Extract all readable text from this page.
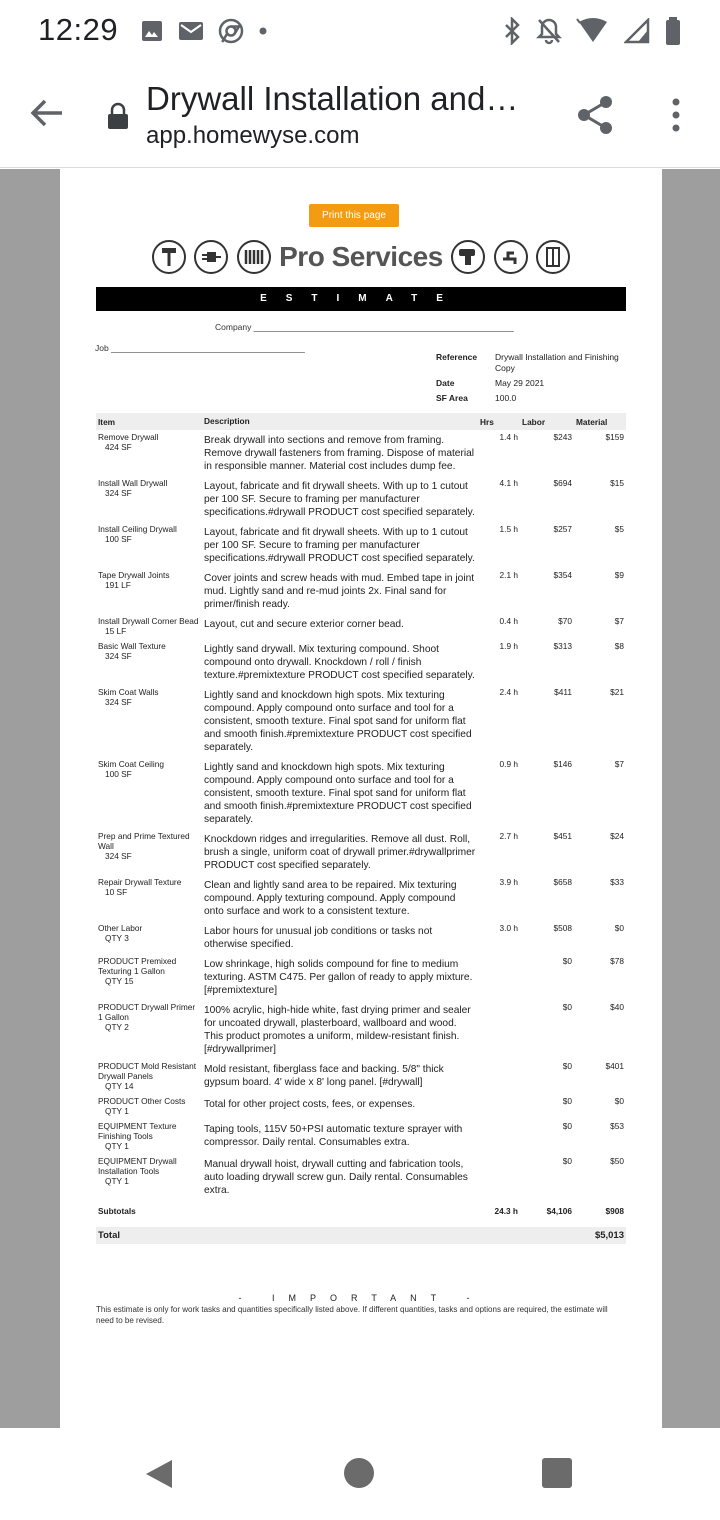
12:29
Drywall Installation and…
app.homewyse.com
Print this page
Pro Services
ESTIMATE
Company _______________________________________________________
Job _________________________________________
Reference	Drywall Installation and Finishing Copy
Date	May 29 2021
SF Area	100.0
Item	Description	Hrs	Labor	Material

Remove Drywall
424 SF	Break drywall into sections and remove from framing. Remove drywall fasteners from framing. Dispose of material in responsible manner. Material cost includes dump fee.	1.4 h	$243	$159

Install Wall Drywall
324 SF	Layout, fabricate and fit drywall sheets. With up to 1 cutout per 100 SF. Secure to framing per manufacturer specifications.#drywall PRODUCT cost specified separately.	4.1 h	$694	$15

Install Ceiling Drywall
100 SF	Layout, fabricate and fit drywall sheets. With up to 1 cutout per 100 SF. Secure to framing per manufacturer specifications.#drywall PRODUCT cost specified separately.	1.5 h	$257	$5

Tape Drywall Joints
191 LF	Cover joints and screw heads with mud. Embed tape in joint mud. Lightly sand and re-mud joints 2x. Final sand for primer/finish ready.	2.1 h	$354	$9

Install Drywall Corner Bead
15 LF	Layout, cut and secure exterior corner bead.	0.4 h	$70	$7

Basic Wall Texture
324 SF	Lightly sand drywall. Mix texturing compound. Shoot compound onto drywall. Knockdown / roll / finish texture.#premixtexture PRODUCT cost specified separately.	1.9 h	$313	$8

Skim Coat Walls
324 SF	Lightly sand and knockdown high spots. Mix texturing compound. Apply compound onto surface and tool for a consistent, smooth texture. Final spot sand for uniform flat and smooth finish.#premixtexture PRODUCT cost specified separately.	2.4 h	$411	$21

Skim Coat Ceiling
100 SF	Lightly sand and knockdown high spots. Mix texturing compound. Apply compound onto surface and tool for a consistent, smooth texture. Final spot sand for uniform flat and smooth finish.#premixtexture PRODUCT cost specified separately.	0.9 h	$146	$7

Prep and Prime Textured Wall
324 SF	Knockdown ridges and irregularities. Remove all dust. Roll, brush a single, uniform coat of drywall primer.#drywallprimer PRODUCT cost specified separately.	2.7 h	$451	$24

Repair Drywall Texture
10 SF	Clean and lightly sand area to be repaired. Mix texturing compound. Apply texturing compound. Apply compound onto surface and work to a consistent texture.	3.9 h	$658	$33

Other Labor
QTY 3	Labor hours for unusual job conditions or tasks not otherwise specified.	3.0 h	$508	$0

PRODUCT Premixed Texturing 1 Gallon
QTY 15	Low shrinkage, high solids compound for fine to medium texturing. ASTM C475. Per gallon of ready to apply mixture. [#premixtexture]		$0	$78

PRODUCT Drywall Primer 1 Gallon
QTY 2	100% acrylic, high-hide white, fast drying primer and sealer for uncoated drywall, plasterboard, wallboard and wood. This product promotes a uniform, mildew-resistant finish. [#drywallprimer]		$0	$40

PRODUCT Mold Resistant Drywall Panels
QTY 14	Mold resistant, fiberglass face and backing. 5/8" thick gypsum board. 4' wide x 8' long panel. [#drywall]		$0	$401

PRODUCT Other Costs
QTY 1	Total for other project costs, fees, or expenses.		$0	$0

EQUIPMENT Texture Finishing Tools
QTY 1	Taping tools, 115V 50+PSI automatic texture sprayer with compressor. Daily rental. Consumables extra.		$0	$53

EQUIPMENT Drywall Installation Tools
QTY 1	Manual drywall hoist, drywall cutting and fabrication tools, auto loading drywall screw gun. Daily rental. Consumables extra.		$0	$50
Subtotals		24.3 h	$4,106	$908

Total				$5,013
- IMPORTANT -
This estimate is only for work tasks and quantities specifically listed above. If different quantities, tasks and options are required, the estimate will need to be revised.
